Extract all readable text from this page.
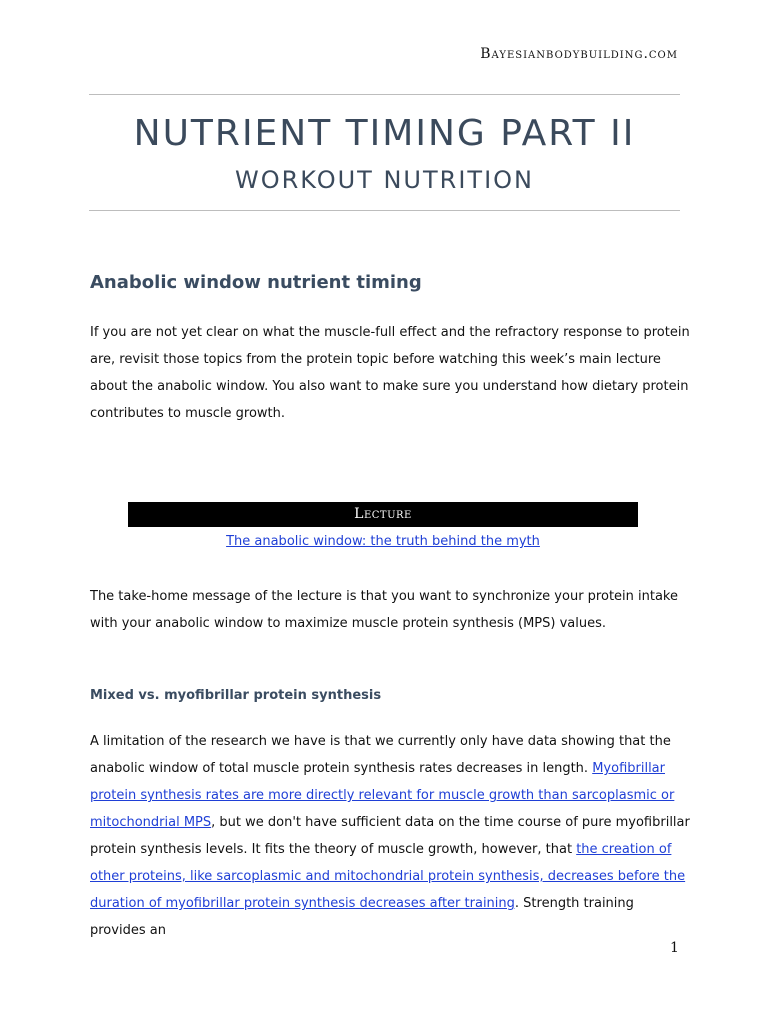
Bayesianbodybuilding.com
NUTRIENT TIMING PART II
WORKOUT NUTRITION
Anabolic window nutrient timing

If you are not yet clear on what the muscle-full effect and the refractory response to protein are, revisit those topics from the protein topic before watching this week’s main lecture about the anabolic window. You also want to make sure you understand how dietary protein contributes to muscle growth.

Lecture
The anabolic window: the truth behind the myth

The take-home message of the lecture is that you want to synchronize your protein intake with your anabolic window to maximize muscle protein synthesis (MPS) values.

Mixed vs. myofibrillar protein synthesis

A limitation of the research we have is that we currently only have data showing that the anabolic window of total muscle protein synthesis rates decreases in length. Myofibrillar protein synthesis rates are more directly relevant for muscle growth than sarcoplasmic or mitochondrial MPS, but we don't have sufficient data on the time course of pure myofibrillar protein synthesis levels. It fits the theory of muscle growth, however, that the creation of other proteins, like sarcoplasmic and mitochondrial protein synthesis, decreases before the duration of myofibrillar protein synthesis decreases after training. Strength training provides an

1
